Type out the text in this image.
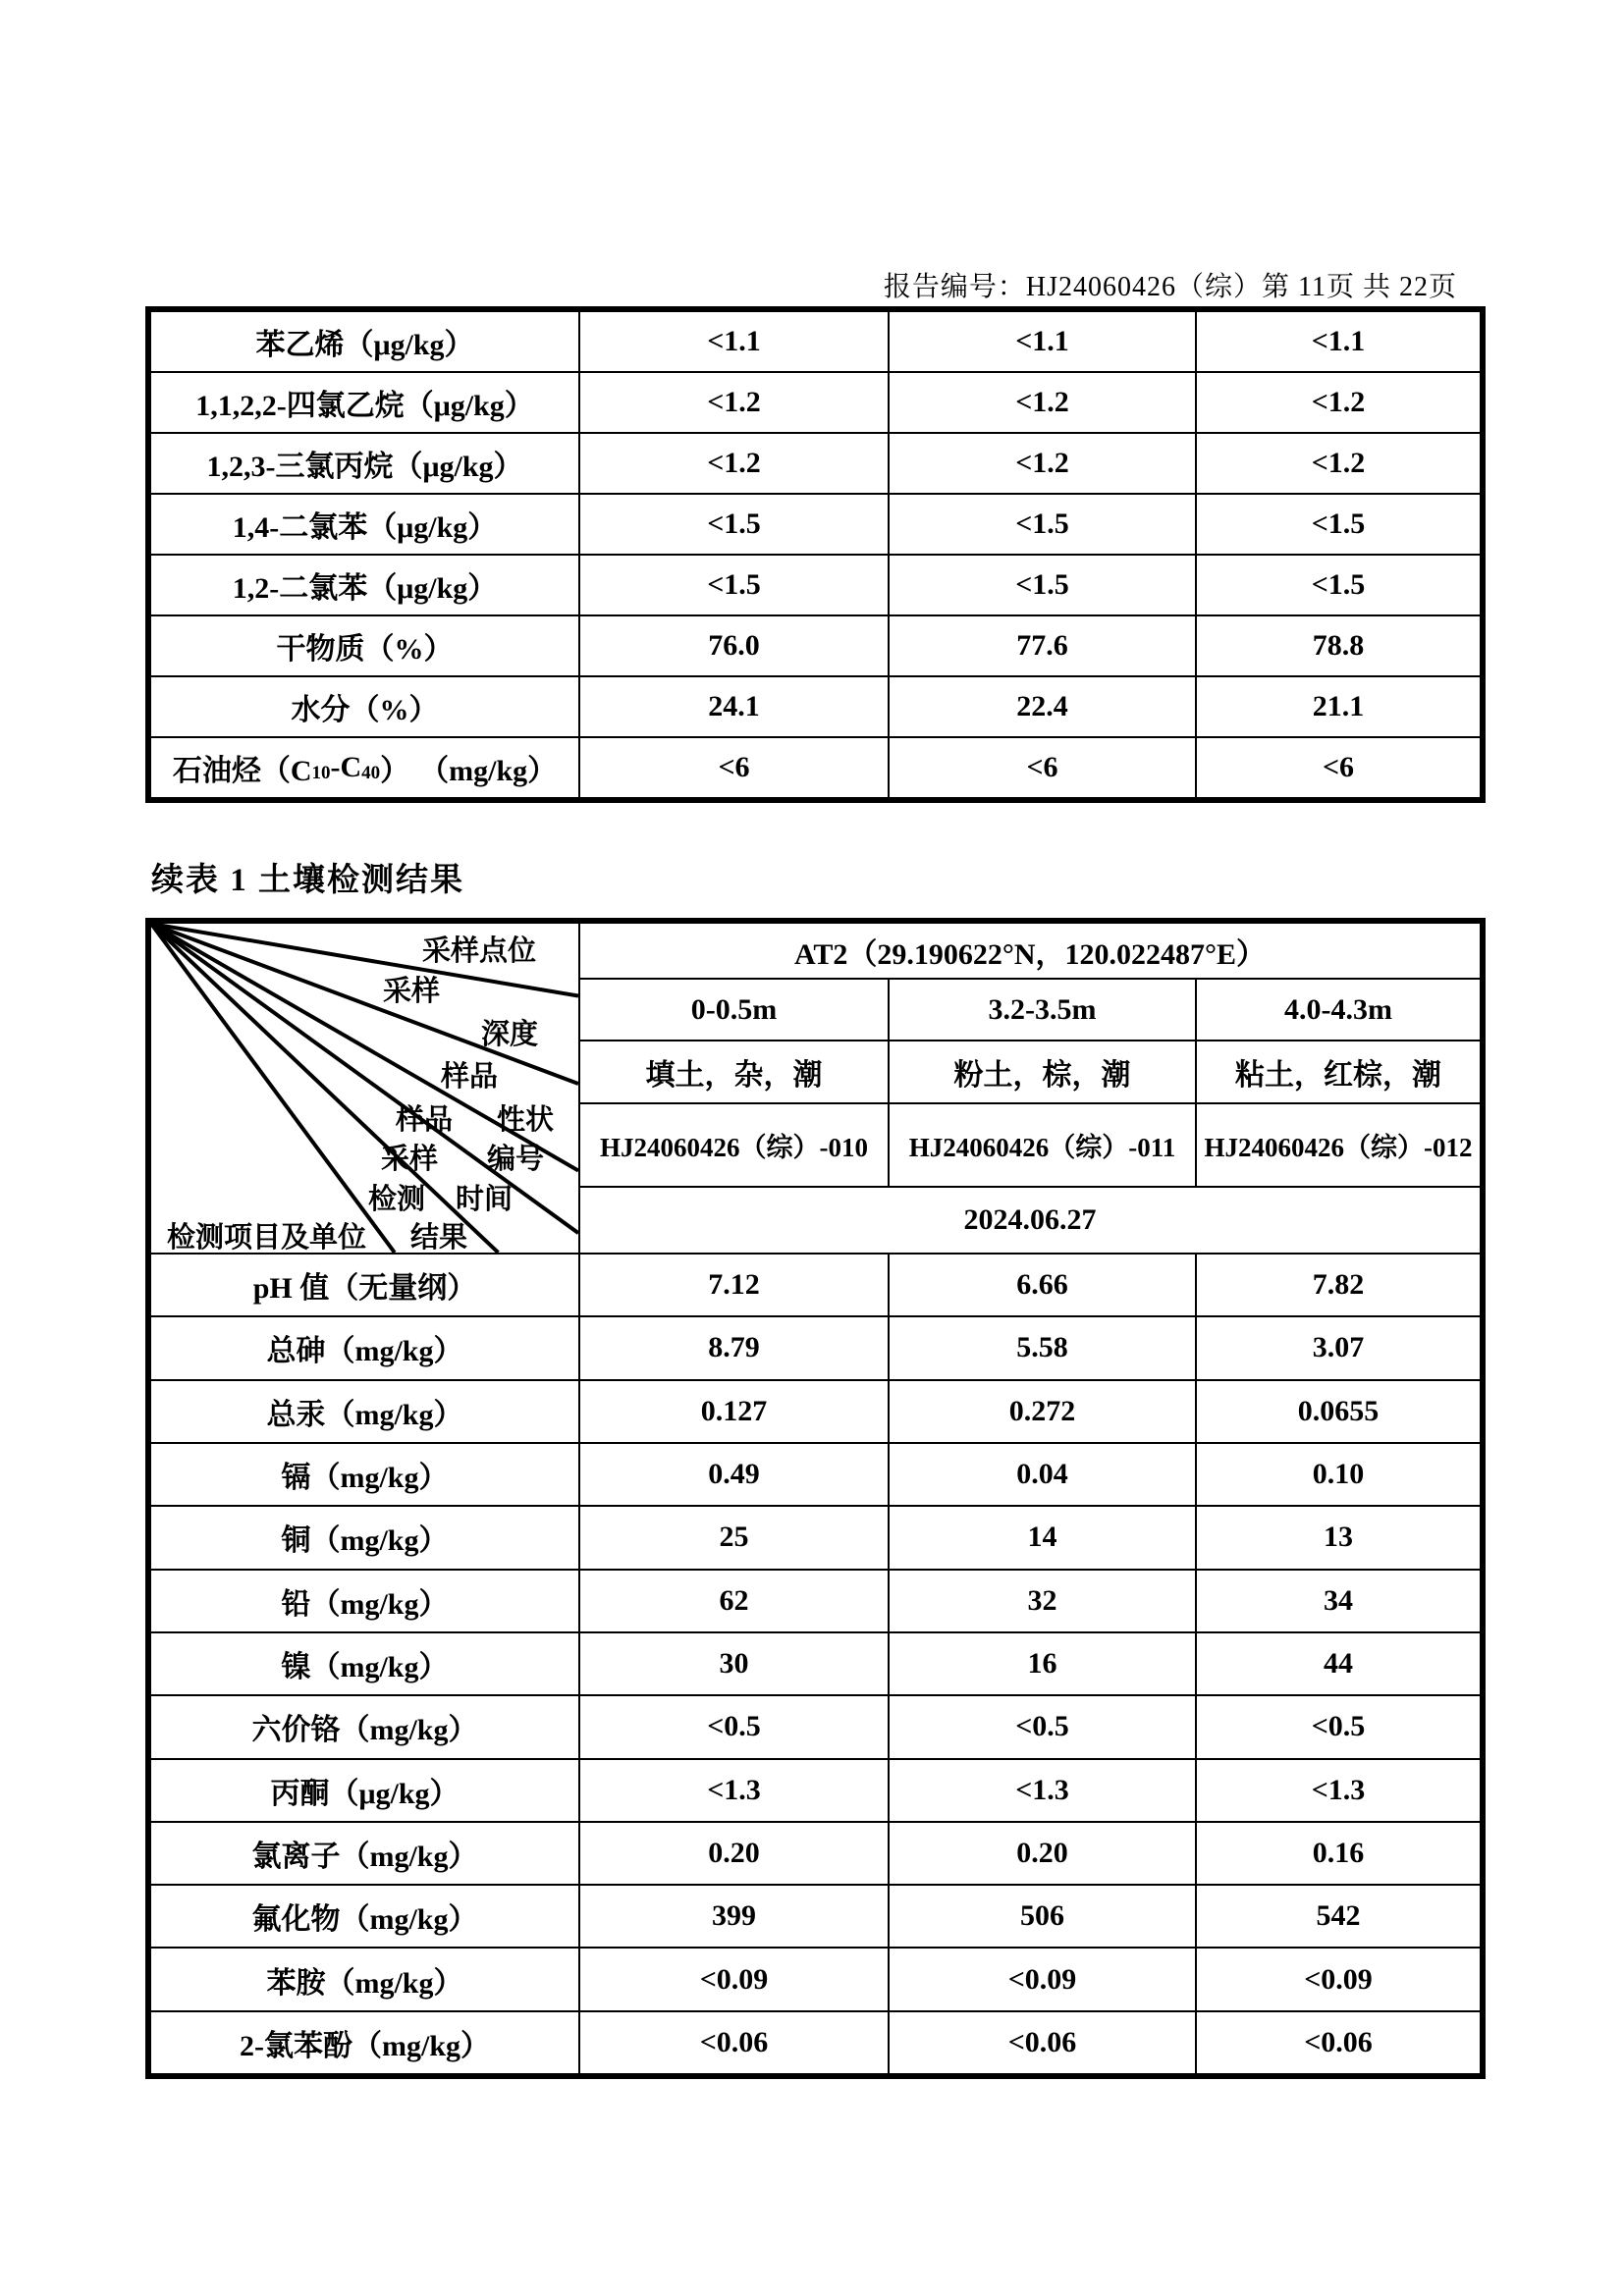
报告编号：HJ24060426（综）第 11页 共 22页
苯乙烯（μg/kg）	<1.1	<1.1	<1.1
1,1,2,2-四氯乙烷（μg/kg）	<1.2	<1.2	<1.2
1,2,3-三氯丙烷（μg/kg）	<1.2	<1.2	<1.2
1,4-二氯苯（μg/kg）	<1.5	<1.5	<1.5
1,2-二氯苯（μg/kg）	<1.5	<1.5	<1.5
干物质（%）	76.0	77.6	78.8
水分（%）	24.1	22.4	21.1
石油烃（$C_{10}$ $-C_{40}$ ） （mg/kg）	<6	<6	<6
续表 1 土壤检测结果
采样点位
采样
深度
样品
性状
样品
编号
采样
时间
检测
结果
检测项目及单位
AT2（29.190622°N，120.022487°E）
0-0.5m	3.2-3.5m	4.0-4.3m
填土，杂，潮	粉土，棕，潮	粘土，红棕，潮
HJ24060426（综）-010	HJ24060426（综）-011	HJ24060426（综）-012
2024.06.27
pH 值（无量纲）	7.12	6.66	7.82
总砷（mg/kg）	8.79	5.58	3.07
总汞（mg/kg）	0.127	0.272	0.0655
镉（mg/kg）	0.49	0.04	0.10
铜（mg/kg）	25	14	13
铅（mg/kg）	62	32	34
镍（mg/kg）	30	16	44
六价铬（mg/kg）	<0.5	<0.5	<0.5
丙酮（μg/kg）	<1.3	<1.3	<1.3
氯离子（mg/kg）	0.20	0.20	0.16
氟化物（mg/kg）	399	506	542
苯胺（mg/kg）	<0.09	<0.09	<0.09
2-氯苯酚（mg/kg）	<0.06	<0.06	<0.06
